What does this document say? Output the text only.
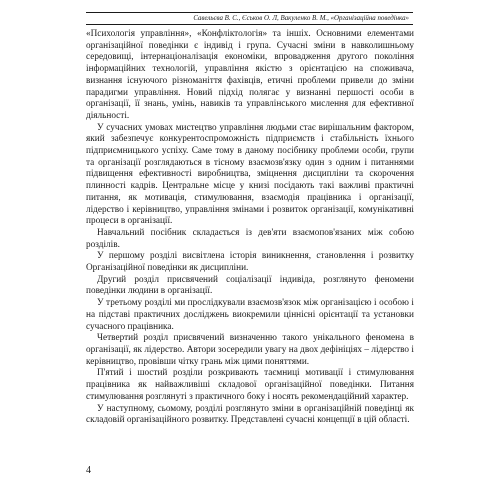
Савельєва В. С., Єськов О. Л, Вакуленко В. М., «Організаційна поведінка»

«Психологія управління», «Конфліктологія» та іншіх. Основними елементами організаційної поведінки є індивід і група. Сучасні зміни в навколишньому середовищі, інтернаціоналізація економіки, впровадження другого покоління інформаційних технологій, управління якістю з орієнтацією на споживача, визнання існуючого різноманіття фахівців, етичні проблеми привели до зміни парадигми управління. Новий підхід полягає у визнанні першості особи в організації, її знань, умінь, навиків та управлінського мислення для ефективної діяльності.

У сучасних умовах мистецтво управління людьми стає вирішальним фактором, який забезпечує конкурентоспроможність підприємств і стабільність їхнього підприємницького успіху. Саме тому в даному посібнику проблеми особи, групи та організації розглядаються в тісному взаємозв'язку один з одним і питаннями підвищення ефективності виробництва, зміцнення дисципліни та скорочення плинності кадрів. Центральне місце у книзі посідають такі важливі практичні питання, як мотивація, стимулювання, взаємодія працівника і організації, лідерство і керівництво, управління змінами і розвиток організації, комунікативні процеси в організації.

Навчальний посібник складається із дев'яти взаємопов'язаних між собою розділів.

У першому розділі висвітлена історія виникнення, становлення і розвитку Організаційної поведінки як дисципліни.

Другий розділ присвячений соціалізації індивіда, розглянуто феномени поведінки людини в організації.

У третьому розділі ми прослідкували взаємозв'язок між організацією і особою і на підставі практичних досліджень виокремили ціннісні орієнтації та установки сучасного працівника.

Четвертий розділ присвячений визначенню такого унікального феномена в організації, як лідерство. Автори зосередили увагу на двох дефініціях – лідерство і керівництво, провівши чітку грань між цими поняттями.

П'ятий і шостий розділи розкривають таємниці мотивації і стимулювання працівника як найважливіші складової організаційної поведінки. Питання стимулювання розглянуті з практичного боку і носять рекомендаційний характер.

У наступному, сьомому, розділі розглянуто зміни в організаційній поведінці як складовій організаційного розвитку. Представлені сучасні концепції в цій області.

4
